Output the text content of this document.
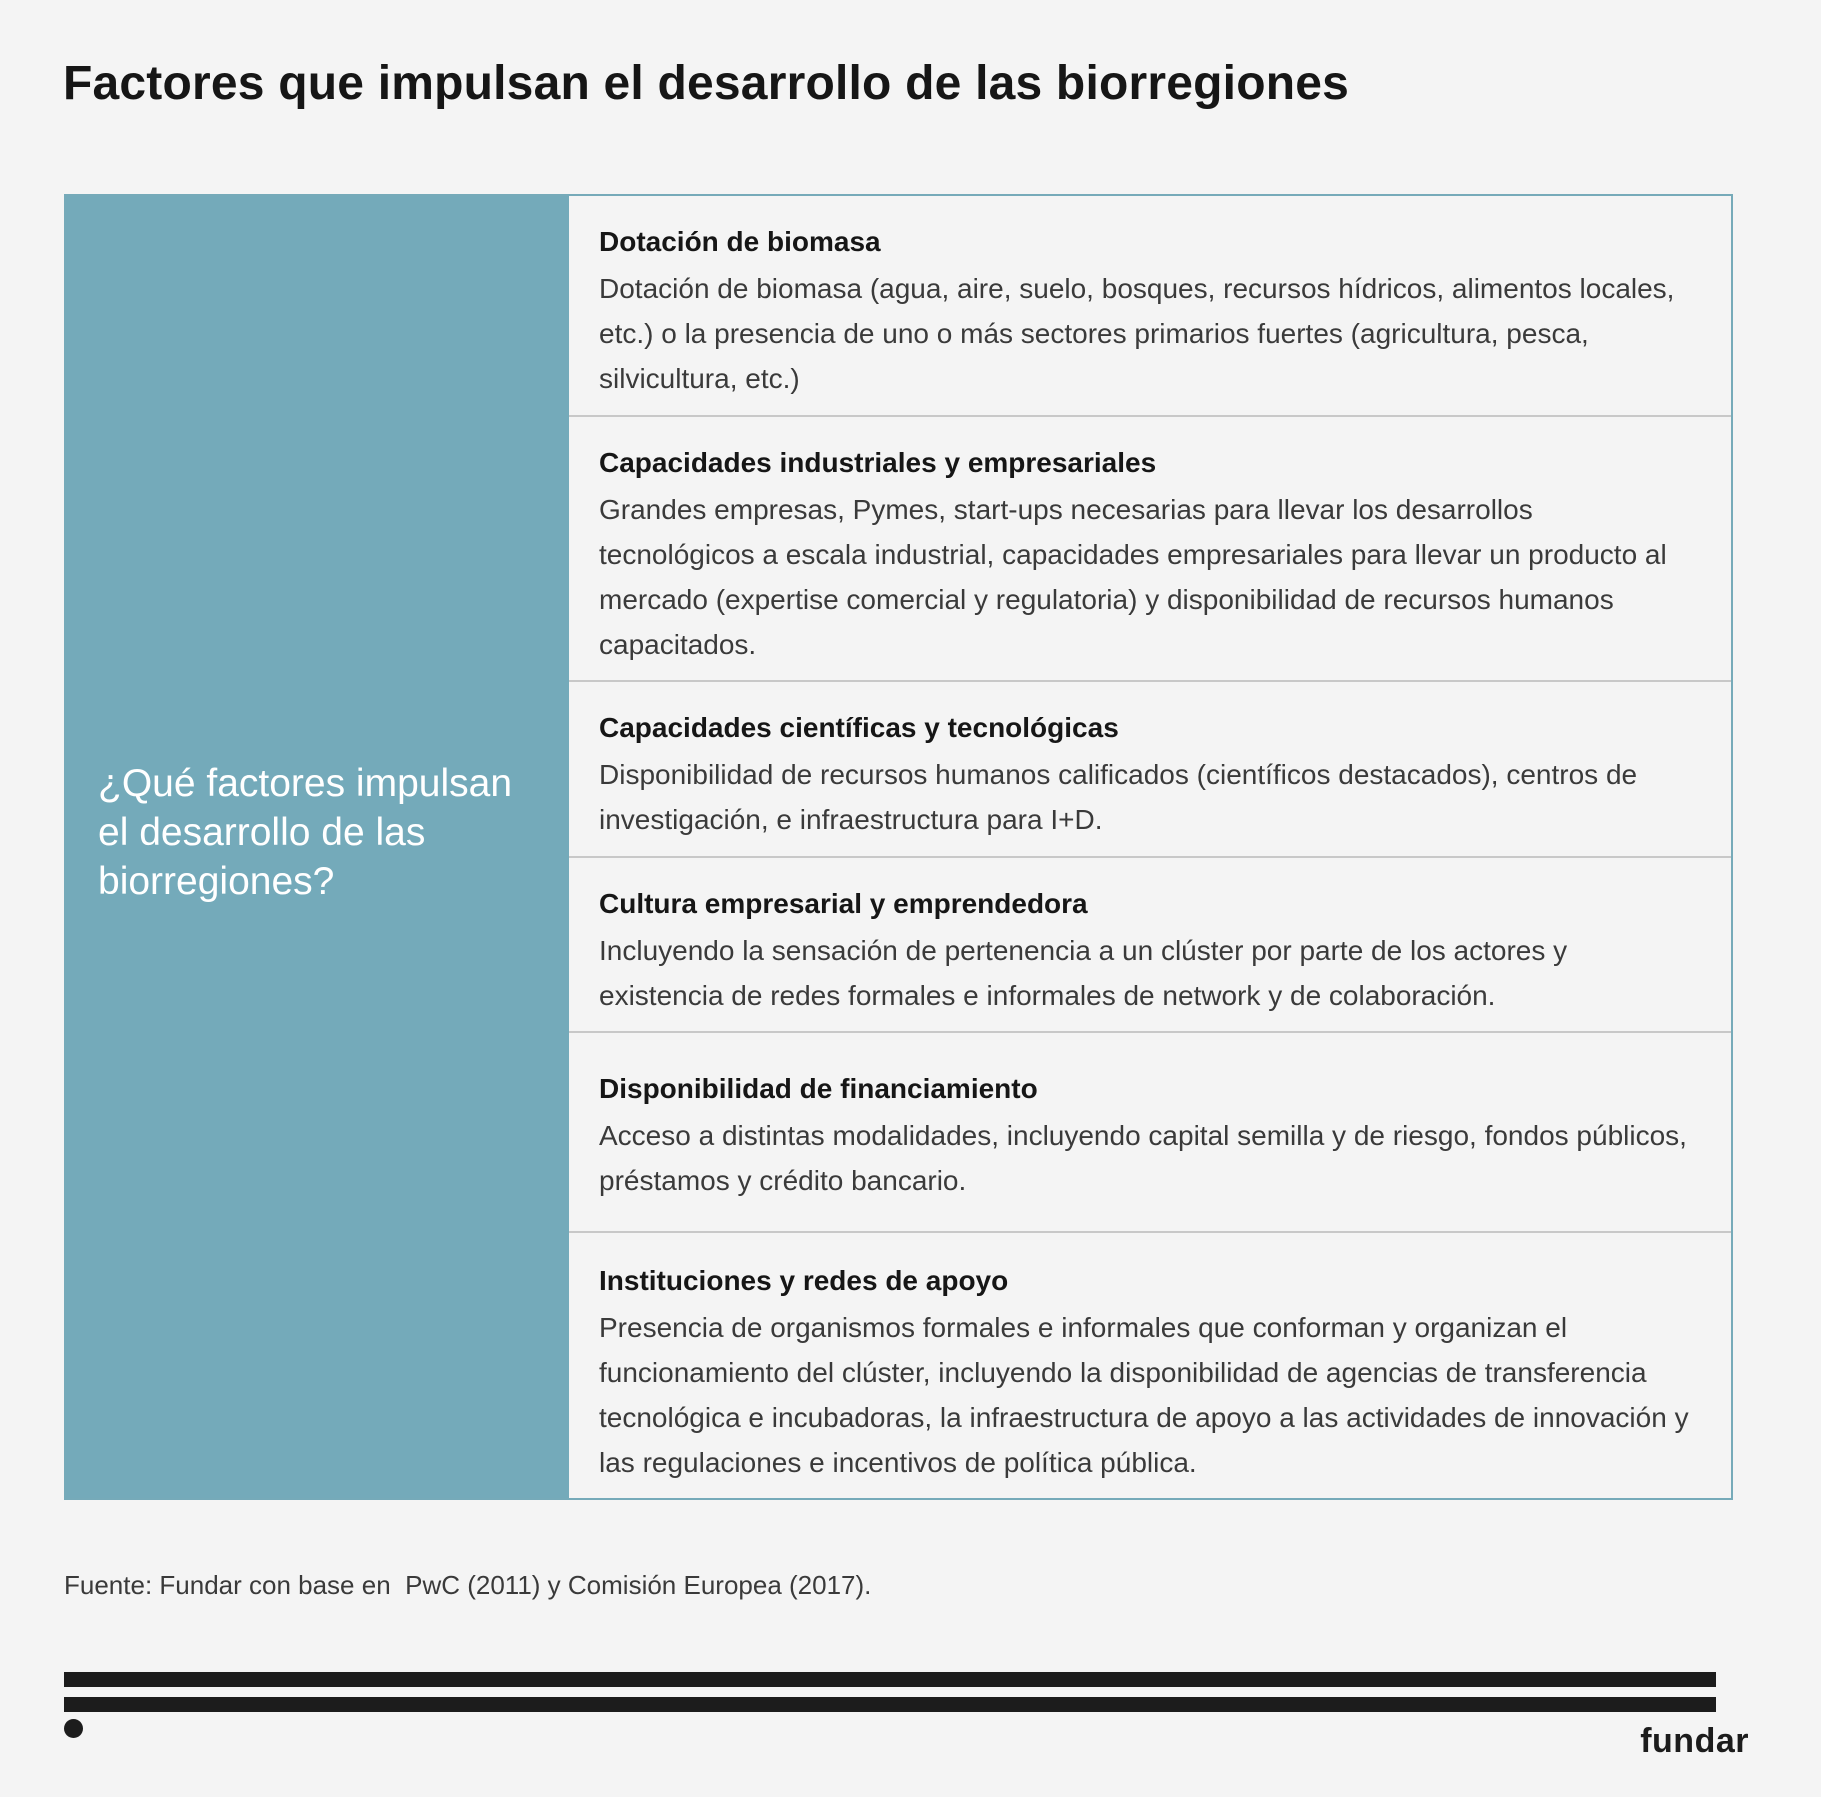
Factores que impulsan el desarrollo de las biorregiones

¿Qué factores impulsan el desarrollo de las biorregiones?

Dotación de biomasa

Dotación de biomasa (agua, aire, suelo, bosques, recursos hídricos, alimentos locales, etc.) o la presencia de uno o más sectores primarios fuertes (agricultura, pesca, silvicultura, etc.)

Capacidades industriales y empresariales

Grandes empresas, Pymes, start-ups necesarias para llevar los desarrollos tecnológicos a escala industrial, capacidades empresariales para llevar un producto al mercado (expertise comercial y regulatoria) y disponibilidad de recursos humanos capacitados.

Capacidades científicas y tecnológicas

Disponibilidad de recursos humanos calificados (científicos destacados), centros de investigación, e infraestructura para I+D.

Cultura empresarial y emprendedora

Incluyendo la sensación de pertenencia a un clúster por parte de los actores y existencia de redes formales e informales de network y de colaboración.

Disponibilidad de financiamiento

Acceso a distintas modalidades, incluyendo capital semilla y de riesgo, fondos públicos, préstamos y crédito bancario.

Instituciones y redes de apoyo

Presencia de organismos formales e informales que conforman y organizan el funcionamiento del clúster, incluyendo la disponibilidad de agencias de transferencia tecnológica e incubadoras, la infraestructura de apoyo a las actividades de innovación y las regulaciones e incentivos de política pública.

Fuente: Fundar con base en  PwC (2011) y Comisión Europea (2017).

fundar
